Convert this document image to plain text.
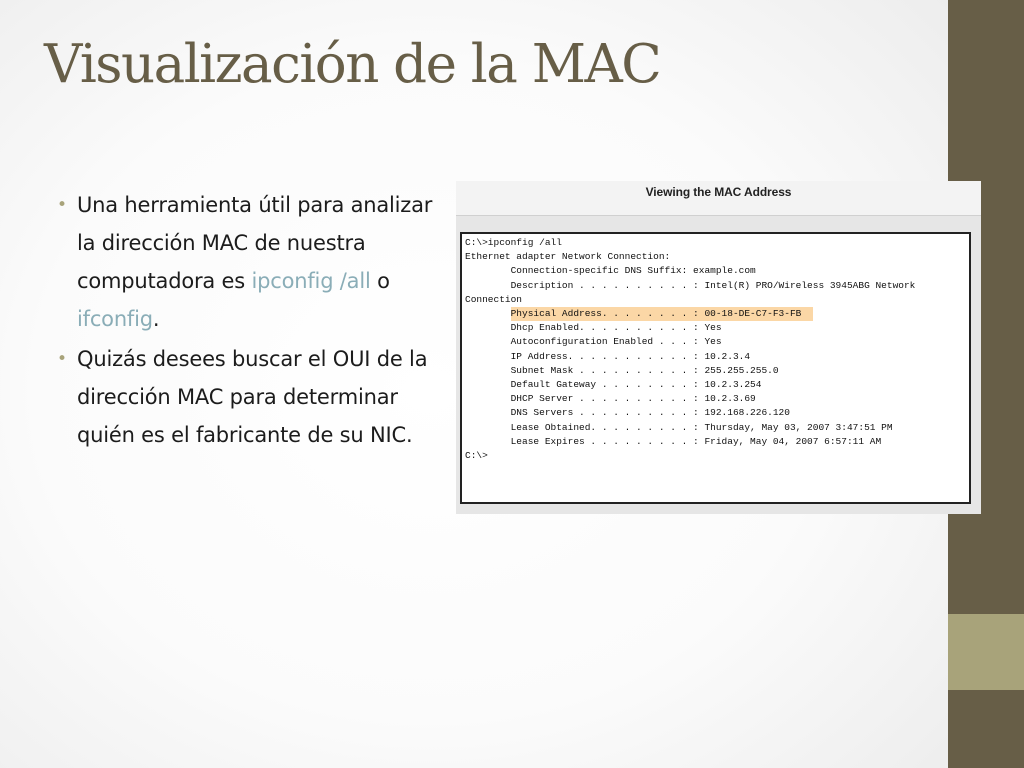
Visualización de la MAC
• Una herramienta útil para analizar la dirección MAC de nuestra computadora es ipconfig /all o ifconfig.
• Quizás desees buscar el OUI de la dirección MAC para determinar quién es el fabricante de su NIC.
Viewing the MAC Address
C:\>ipconfig /all
Ethernet adapter Network Connection:
Connection-specific DNS Suffix: example.com
Description . . . . . . . . . . : Intel(R) PRO/Wireless 3945ABG Network
Connection
Physical Address. . . . . . . . : 00-18-DE-C7-F3-FB
Dhcp Enabled. . . . . . . . . . : Yes
Autoconfiguration Enabled . . . : Yes
IP Address. . . . . . . . . . . : 10.2.3.4
Subnet Mask . . . . . . . . . . : 255.255.255.0
Default Gateway . . . . . . . . : 10.2.3.254
DHCP Server . . . . . . . . . . : 10.2.3.69
DNS Servers . . . . . . . . . . : 192.168.226.120
Lease Obtained. . . . . . . . . : Thursday, May 03, 2007 3:47:51 PM
Lease Expires . . . . . . . . . : Friday, May 04, 2007 6:57:11 AM
C:\>
